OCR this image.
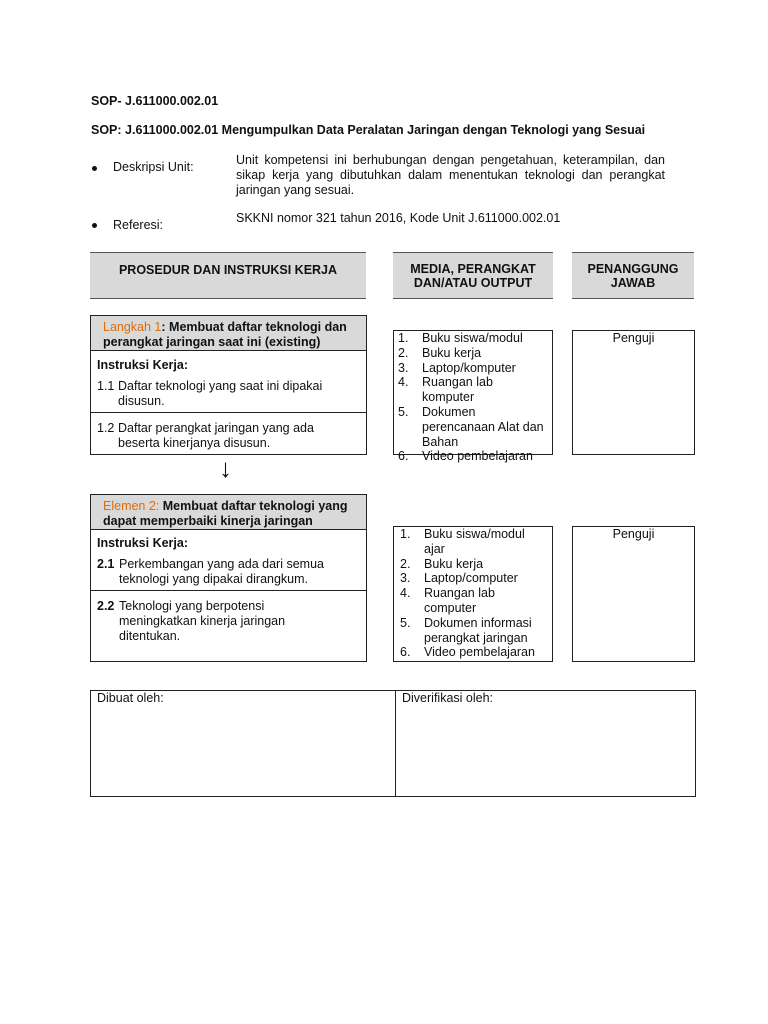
SOP- J.611000.002.01
SOP: J.611000.002.01 Mengumpulkan Data Peralatan Jaringan dengan Teknologi yang Sesuai
Deskripsi Unit:	Unit kompetensi ini berhubungan dengan pengetahuan, keterampilan, dan sikap kerja yang dibutuhkan dalam menentukan teknologi dan perangkat jaringan yang sesuai.
Referesi:	SKKNI nomor 321 tahun 2016, Kode Unit J.611000.002.01
PROSEDUR DAN INSTRUKSI KERJA	MEDIA, PERANGKAT DAN/ATAU OUTPUT
PENANGGUNG JAWAB
Langkah 1: Membuat daftar teknologi dan perangkat jaringan saat ini (existing)
Instruksi Kerja:
1.1 Daftar teknologi yang saat ini dipakai disusun.
1.2 Daftar perangkat jaringan yang ada beserta kinerjanya disusun.
1.	Buku siswa/modul
2.	Buku kerja
3.	Laptop/komputer
4.	Ruangan lab komputer
5.	Dokumen perencanaan Alat dan Bahan
6.	Video pembelajaran
Penguji
↓
Elemen 2: Membuat daftar teknologi yang dapat memperbaiki kinerja jaringan
Instruksi Kerja:
2.1 Perkembangan yang ada dari semua teknologi yang dipakai dirangkum.
2.2 Teknologi yang berpotensi meningkatkan kinerja jaringan ditentukan.
1.	Buku siswa/modul ajar
2.	Buku kerja
3.	Laptop/computer
4.	Ruangan lab computer
5.	Dokumen informasi perangkat jaringan
6.	Video pembelajaran
Penguji
Dibuat oleh:	Diverifikasi oleh:
